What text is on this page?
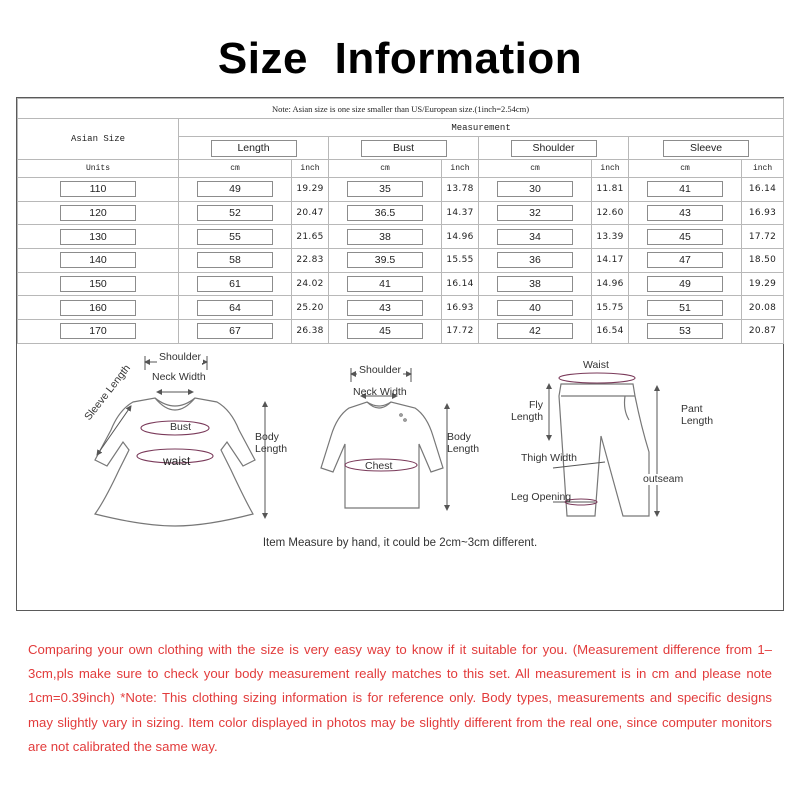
Size Information
Note: Asian size is one size smaller than US/European size.(1inch=2.54cm)								
Asian Size	Measurement							
	Length		Bust		Shoulder		Sleeve	
Units	cm	inch	cm	inch	cm	inch	cm	inch
110	49	19.29	35	13.78	30	11.81	41	16.14
120	52	20.47	36.5	14.37	32	12.60	43	16.93
130	55	21.65	38	14.96	34	13.39	45	17.72
140	58	22.83	39.5	15.55	36	14.17	47	18.50
150	61	24.02	41	16.14	38	14.96	49	19.29
160	64	25.20	43	16.93	40	15.75	51	20.08
170	67	26.38	45	17.72	42	16.54	53	20.87
Shoulder
Neck Width
Sleeve Length
Bust
waist
Body
Length
Shoulder
Neck Width
Chest
Body
Length
Waist
Fly
Length
Pant
Length
Thigh Width
outseam
Leg Opening
Item Measure by hand, it could be 2cm~3cm different.

Comparing your own clothing with the size is very easy way to know if it suitable for you. (Measurement difference from 1– 3cm,pls make sure to check your body measurement really matches to this set. All measurement is in cm and please note 1cm=0.39inch) *Note: This clothing sizing information is for reference only. Body types, measurements and specific designs may slightly vary in sizing. Item color displayed in photos may be slightly different from the real one, since computer monitors are not calibrated the same way.
